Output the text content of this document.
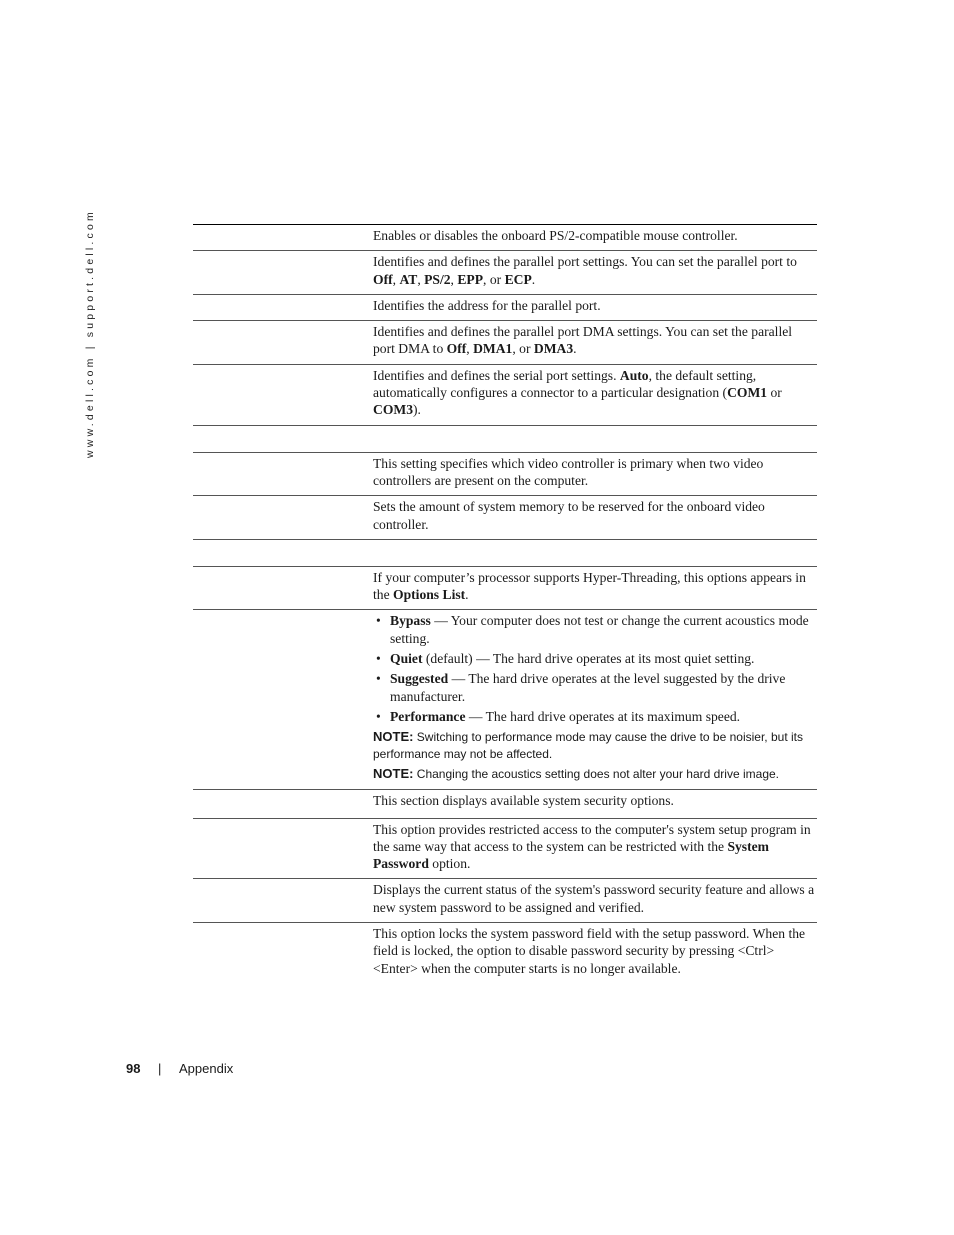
www.dell.com | support.dell.com	Enables or disables the onboard PS/2-compatible mouse controller.
Identifies and defines the parallel port settings. You can set the parallel port to Off, AT, PS/2, EPP, or ECP.
Identifies the address for the parallel port.
Identifies and defines the parallel port DMA settings. You can set the parallel port DMA to Off, DMA1, or DMA3.
Identifies and defines the serial port settings. Auto, the default setting, automatically configures a connector to a particular designation (COM1 or COM3).
This setting specifies which video controller is primary when two video controllers are present on the computer.
Sets the amount of system memory to be reserved for the onboard video controller.
If your computer’s processor supports Hyper-Threading, this options appears in the Options List.
• Bypass — Your computer does not test or change the current acoustics mode setting.
• Quiet (default) — The hard drive operates at its most quiet setting.
• Suggested — The hard drive operates at the level suggested by the drive manufacturer.
• Performance — The hard drive operates at its maximum speed.
NOTE: Switching to performance mode may cause the drive to be noisier, but its performance may not be affected.
NOTE: Changing the acoustics setting does not alter your hard drive image.
This section displays available system security options.
This option provides restricted access to the computer's system setup program in the same way that access to the system can be restricted with the System Password option.
Displays the current status of the system's password security feature and allows a new system password to be assigned and verified.
This option locks the system password field with the setup password. When the field is locked, the option to disable password security by pressing <Ctrl><Enter> when the computer starts is no longer available.
98 | Appendix
